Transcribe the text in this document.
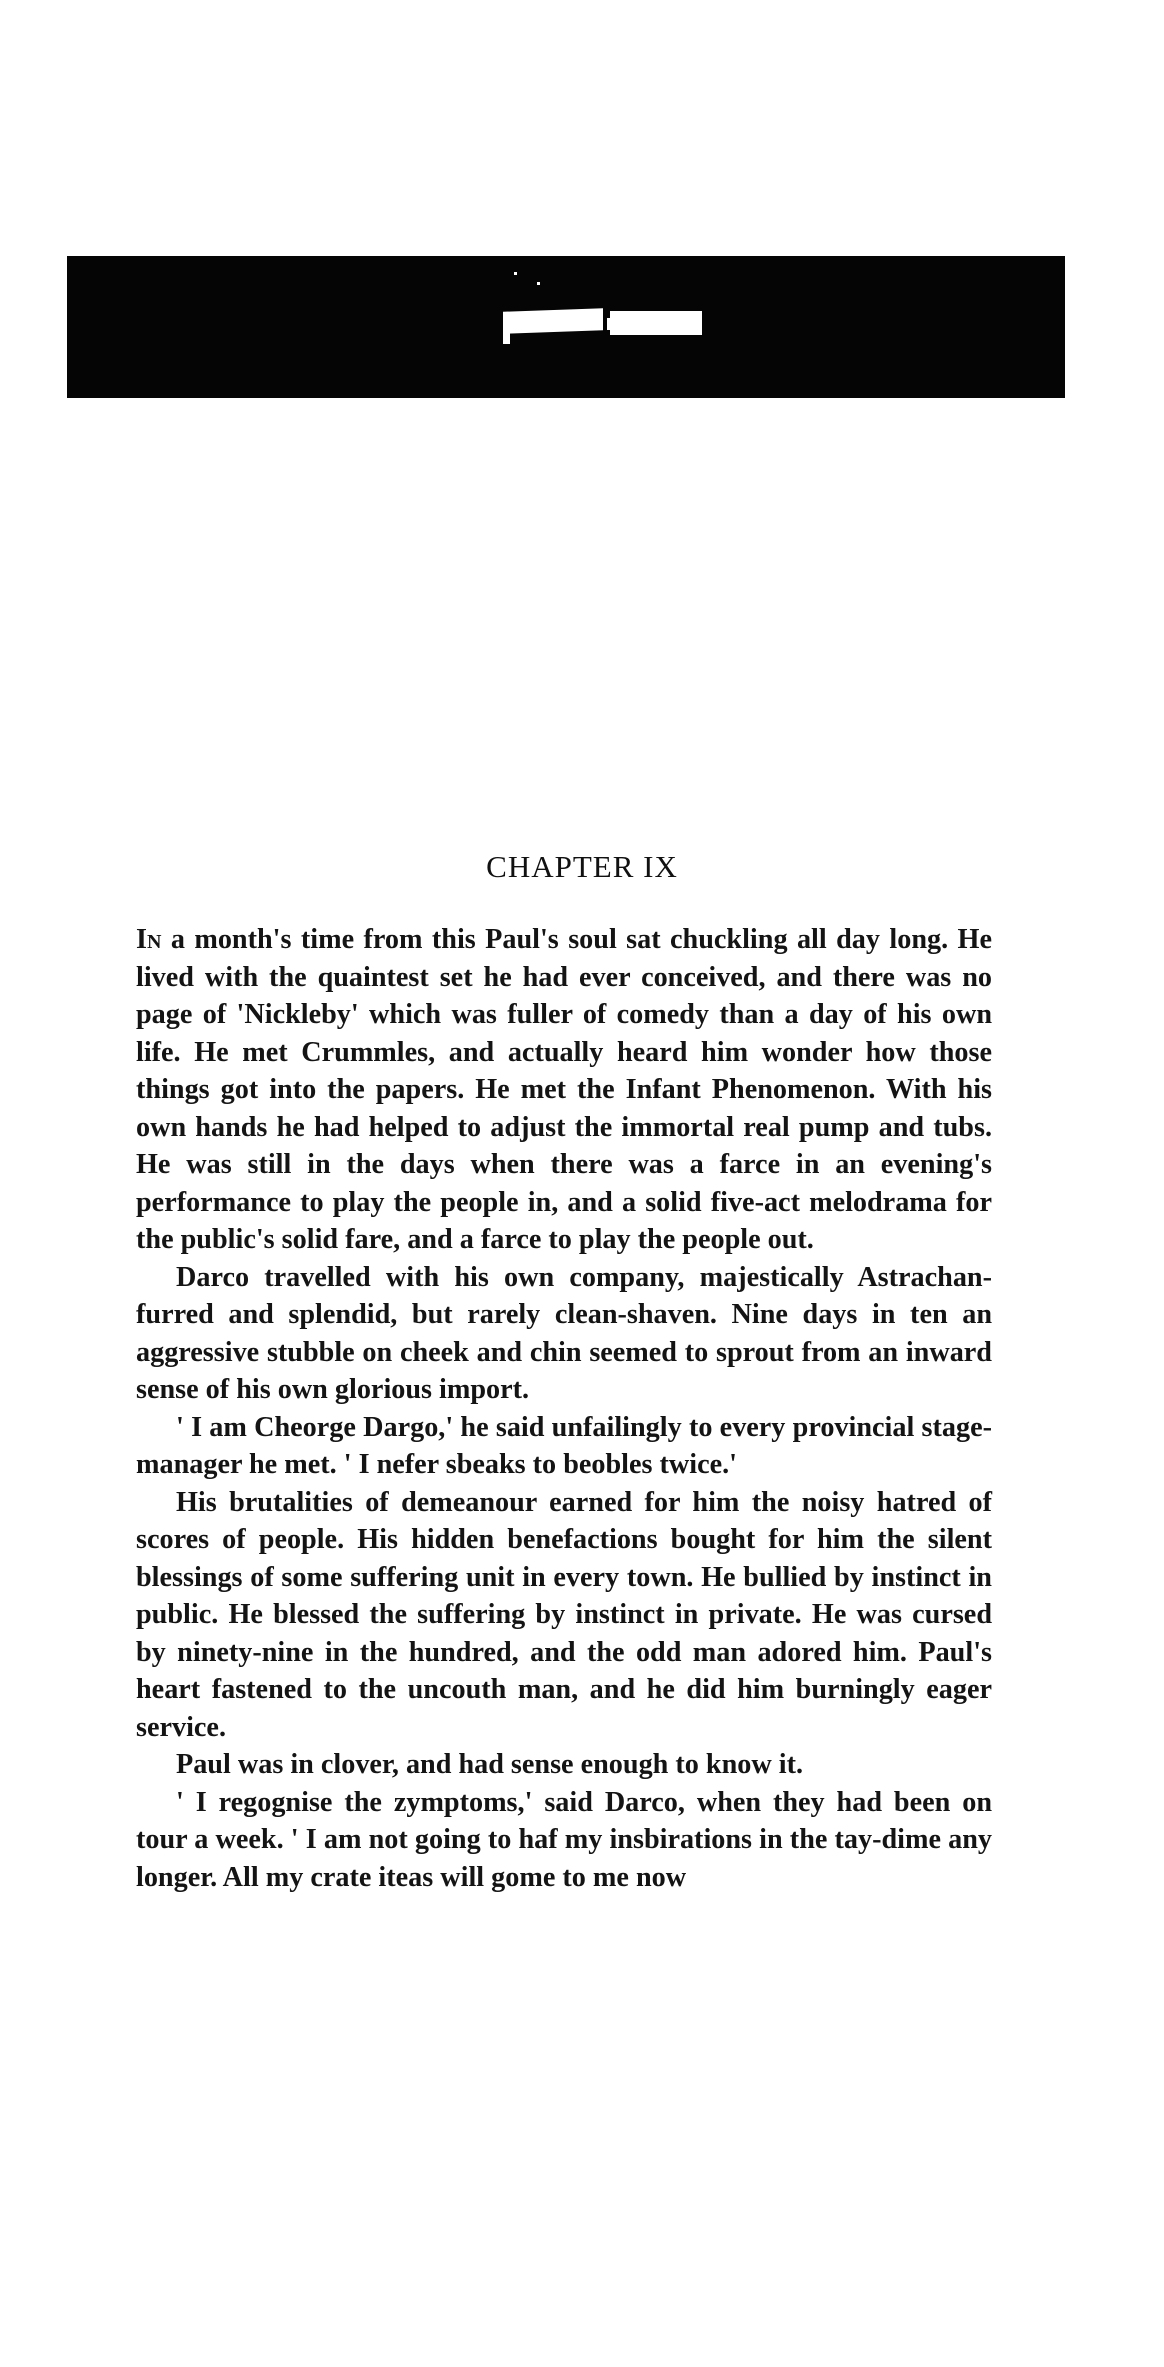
CHAPTER IX

In a month's time from this Paul's soul sat chuckling all day long. He lived with the quaintest set he had ever conceived, and there was no page of 'Nickleby' which was fuller of comedy than a day of his own life. He met Crummles, and actually heard him wonder how those things got into the papers. He met the Infant Phenomenon. With his own hands he had helped to adjust the immortal real pump and tubs. He was still in the days when there was a farce in an evening's performance to play the people in, and a solid five-act melodrama for the public's solid fare, and a farce to play the people out.

Darco travelled with his own company, majestically Astrachan-furred and splendid, but rarely clean-shaven. Nine days in ten an aggressive stubble on cheek and chin seemed to sprout from an inward sense of his own glorious import.

' I am Cheorge Dargo,' he said unfailingly to every provincial stage-manager he met. ' I nefer sbeaks to beobles twice.'

His brutalities of demeanour earned for him the noisy hatred of scores of people. His hidden benefactions bought for him the silent blessings of some suffering unit in every town. He bullied by instinct in public. He blessed the suffering by instinct in private. He was cursed by ninety-nine in the hundred, and the odd man adored him. Paul's heart fastened to the uncouth man, and he did him burningly eager service.

Paul was in clover, and had sense enough to know it.

' I regognise the zymptoms,' said Darco, when they had been on tour a week. ' I am not going to haf my insbirations in the tay-dime any longer. All my crate iteas will gome to me now
